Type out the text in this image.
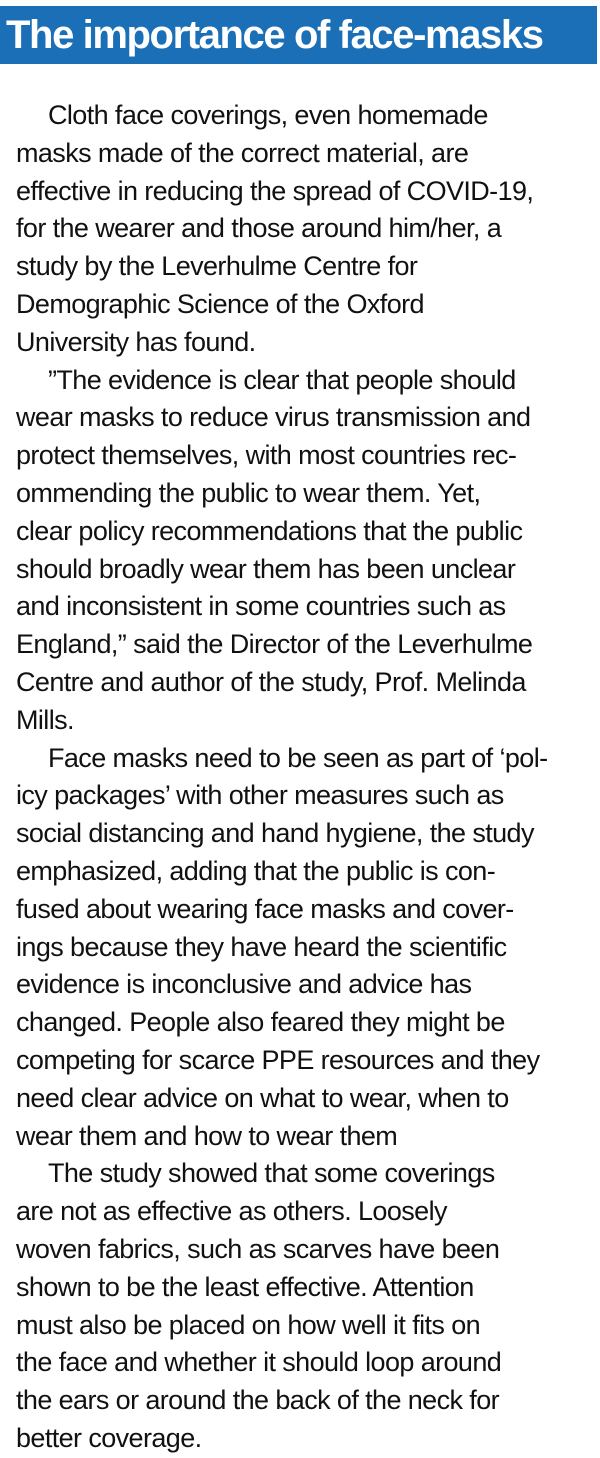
The importance of face-masks
Cloth face coverings, even homemade
masks made of the correct material, are
effective in reducing the spread of COVID-19,
for the wearer and those around him/her, a
study by the Leverhulme Centre for
Demographic Science of the Oxford
University has found.
”The evidence is clear that people should
wear masks to reduce virus transmission and
protect themselves, with most countries rec-
ommending the public to wear them. Yet,
clear policy recommendations that the public
should broadly wear them has been unclear
and inconsistent in some countries such as
England,” said the Director of the Leverhulme
Centre and author of the study, Prof. Melinda
Mills.
Face masks need to be seen as part of ‘pol-
icy packages’ with other measures such as
social distancing and hand hygiene, the study
emphasized, adding that the public is con-
fused about wearing face masks and cover-
ings because they have heard the scientific
evidence is inconclusive and advice has
changed. People also feared they might be
competing for scarce PPE resources and they
need clear advice on what to wear, when to
wear them and how to wear them
The study showed that some coverings
are not as effective as others. Loosely
woven fabrics, such as scarves have been
shown to be the least effective. Attention
must also be placed on how well it fits on
the face and whether it should loop around
the ears or around the back of the neck for
better coverage.
